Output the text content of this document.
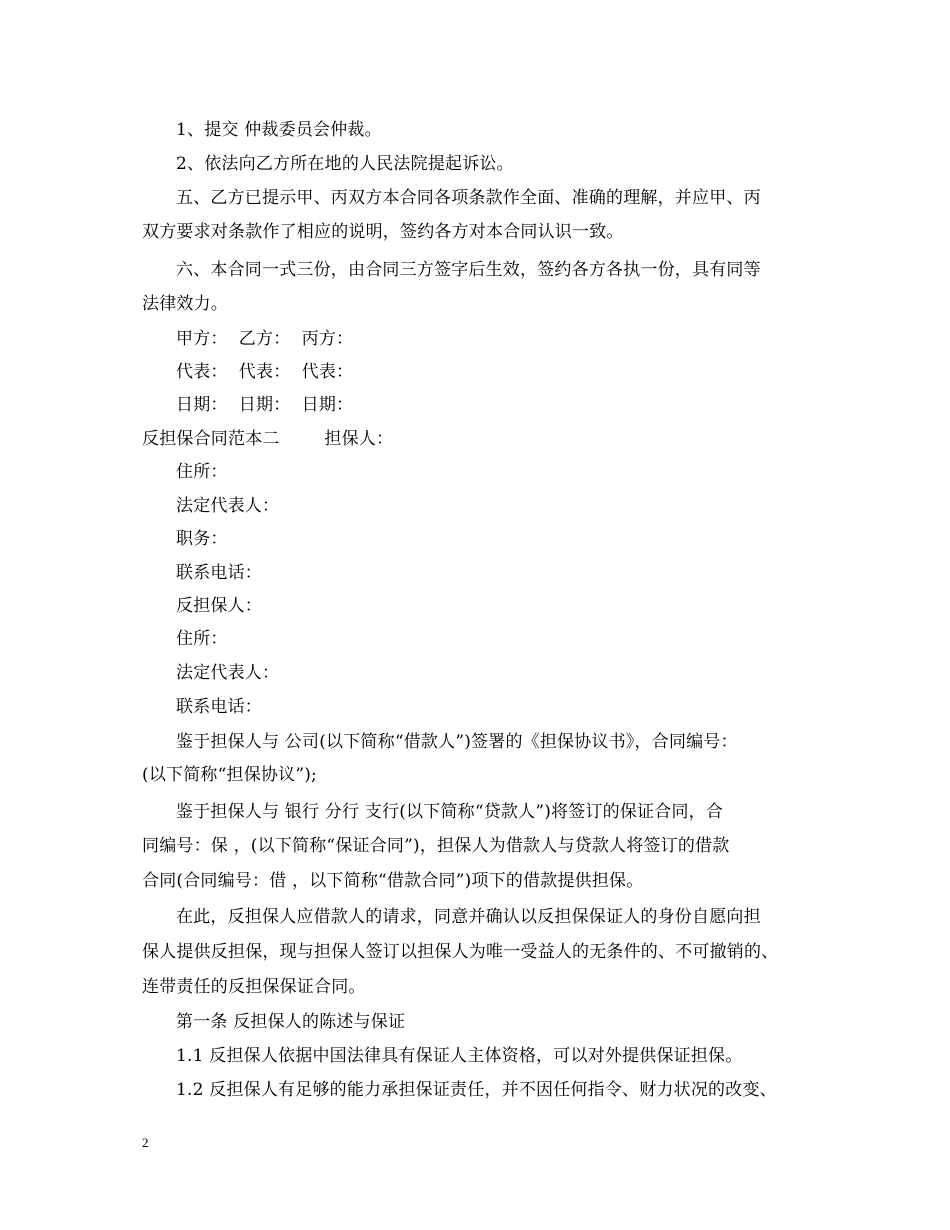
1、提交 仲裁委员会仲裁。
2、依法向乙方所在地的人民法院提起诉讼。
五、乙方已提示甲、丙双方本合同各项条款作全面、准确的理解，并应甲、丙
双方要求对条款作了相应的说明，签约各方对本合同认识一致。
六、本合同一式三份，由合同三方签字后生效，签约各方各执一份，具有同等
法律效力。
甲方：  乙方：  丙方：
代表：  代表：  代表：
日期：  日期：  日期：
反担保合同范本二        担保人：
住所：
法定代表人：
职务：
联系电话：
反担保人：
住所：
法定代表人：
联系电话：
鉴于担保人与 公司(以下简称“借款人”)签署的《担保协议书》，合同编号：
(以下简称“担保协议”);
鉴于担保人与 银行 分行 支行(以下简称“贷款人”)将签订的保证合同，合
同编号：保 ，(以下简称“保证合同”)，担保人为借款人与贷款人将签订的借款
合同(合同编号：借 ，以下简称“借款合同”)项下的借款提供担保。
在此，反担保人应借款人的请求，同意并确认以反担保保证人的身份自愿向担
保人提供反担保，现与担保人签订以担保人为唯一受益人的无条件的、不可撤销的、
连带责任的反担保保证合同。
第一条 反担保人的陈述与保证
1.1 反担保人依据中国法律具有保证人主体资格，可以对外提供保证担保。
1.2 反担保人有足够的能力承担保证责任，并不因任何指令、财力状况的改变、
2
